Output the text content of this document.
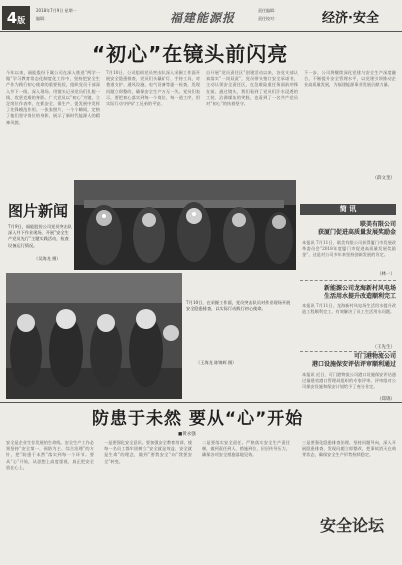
4版
2018年7月9日 星期一
编辑：	福建能源报
责任编辑：
责任校对：	经济·安全
“初心”在镜头前闪亮
今年以来，福能股份下属公司在深入推进“两学一做”学习教育常态化制度化工作中，坚持把安全生产作为践行初心使命的重要检验，组织党员干部深入井下一线、深入现场，用镜头记录党员们扎根一线、攻坚克难的身影。广大党员以“初心”为镜，立足岗位作表率，在抓安全、保生产、促发展中发挥了先锋模范作用。一张张照片，一个个瞬间，定格了他们坚守岗位的身影，展示了新时代能源人的精神风貌。
7月10日，公司组织党员突击队深入采掘工作面开展安全隐患排查，党员们头戴矿灯、手持工具，对巷道支护、通风设施、电气设备等逐一检查，发现问题立即整改，确保安全生产万无一失。党员们表示，要把初心落实到每一个岗位、每一道工序，用实际行动守护矿工兄弟的平安。
自开展“党员责任区”创建活动以来，各党支部认真落实“一岗双责”，党员带头签订安全承诺书，主动认领安全责任区，在急难险重任务面前冲锋在前。通过镜头，我们看到了党员们汗水浸透的工装、沾满煤灰的笑脸，也看到了一名共产党员对“初心”的执着坚守。
下一步，公司将继续深化党建与安全生产深度融合，不断提升安全管理水平，以党建引领推动企业高质量发展，为福建能源事业发展贡献力量。
（薛文奎）
图片新闻
7月9日，福能股份公司党员突击队深入井下作业现场，开展“安全生产党员先行”主题实践活动，检查设备运行情况。
（吴海龙 摄）
7月10日，在采掘工作面，党员突击队员对作业现场开展安全隐患排查，以实际行动践行初心使命。
（王海龙 陈锦辉 摄）
简 讯
联美有限公司
获厦门促进高质量发展奖励金
本报讯 7月11日，联美有限公司获得厦门市发展改革委员会“2018年度厦门市促进高质量发展奖励金”，这是对公司多年来坚持创新发展的肯定。
（林一）
新能源公司龙海新村风电场
生活用水提升改造顺利完工
本报讯 7月11日，龙海新村风电场生活用水提升改造工程顺利完工，有效解决了员工生活用水问题。
（王先生）
可门港物流公司
港口设施保安评估评审顺利通过
本报讯 近日，可门港物流公司港口设施保安评估通过福建省港口管理局组织的专家评审。评审组对公司保安设施和保安计划给予了充分肯定。
（郑锦）
防患于未然 要从“心”开始
■黄永强
安全是企业生存发展的生命线。安全生产工作必须坚持“安全第一、预防为主、综合治理”的方针，把“防患于未然”落实到每一个环节。要从“心”开始，从思想上高度重视，真正把安全放在心上。
一是要强化安全意识。要加强安全教育培训，使每一名员工都牢固树立“安全就是效益、安全就是生命”的理念，做到“要我安全”向“我要安全”转变。
二是要落实安全责任。严格落实安全生产责任制，做到责任到人、措施到位，层层传导压力，确保各项安全措施落地见效。
三是要强化隐患排查治理。坚持问题导向，深入开展隐患排查，发现问题立即整改，把事故消灭在萌芽状态，确保安全生产形势持续稳定。
安全论坛
